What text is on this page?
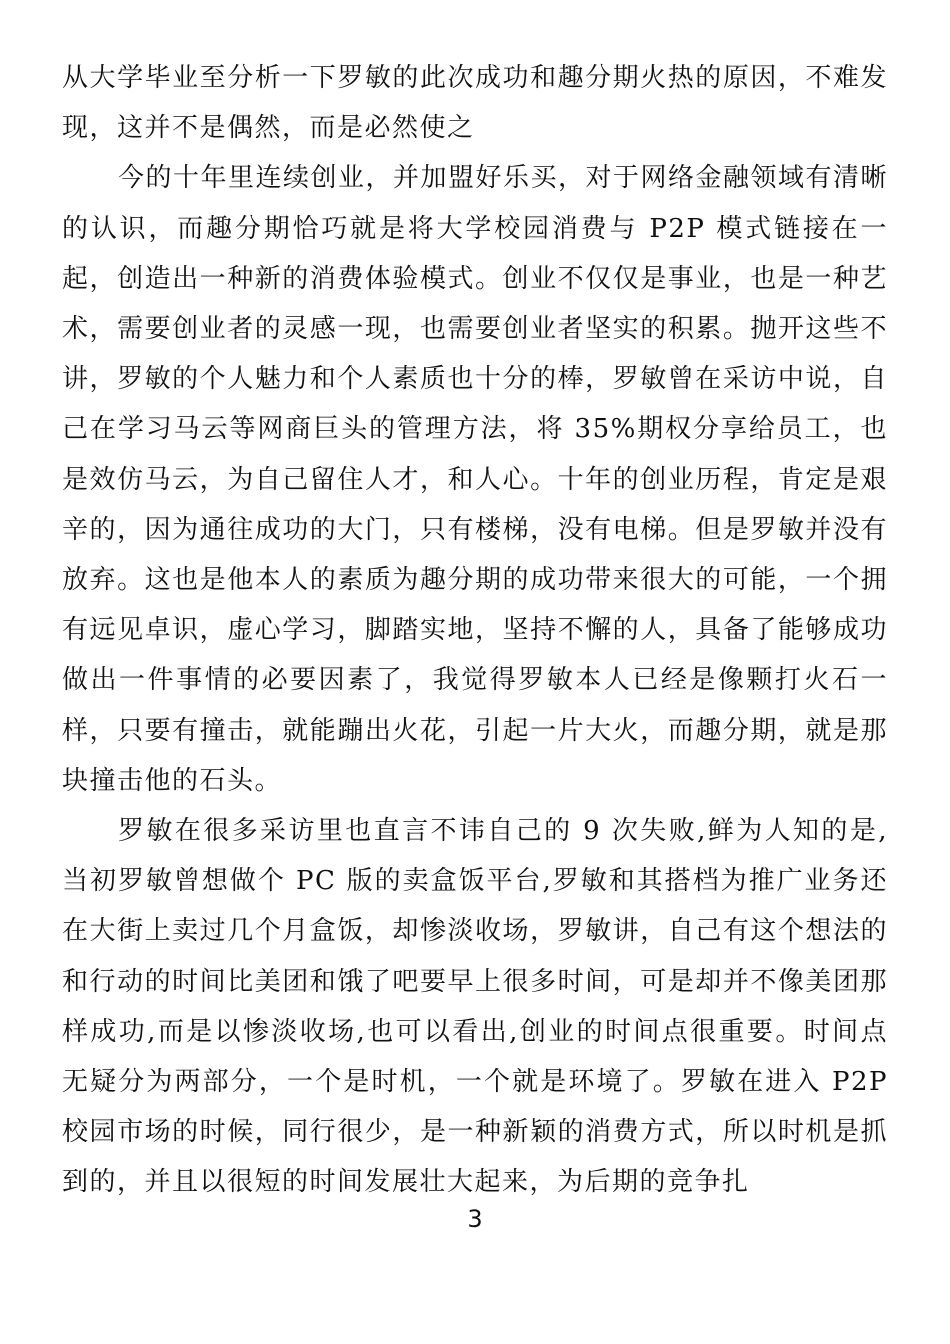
从大学毕业至分析一下罗敏的此次成功和趣分期火热的原因，不难发现，这并不是偶然，而是必然使之

今的十年里连续创业，并加盟好乐买，对于网络金融领域有清晰的认识，而趣分期恰巧就是将大学校园消费与 P2P 模式链接在一起，创造出一种新的消费体验模式。创业不仅仅是事业，也是一种艺术，需要创业者的灵感一现，也需要创业者坚实的积累。抛开这些不讲，罗敏的个人魅力和个人素质也十分的棒，罗敏曾在采访中说，自己在学习马云等网商巨头的管理方法，将 35%期权分享给员工，也是效仿马云，为自己留住人才，和人心。十年的创业历程，肯定是艰辛的，因为通往成功的大门，只有楼梯，没有电梯。但是罗敏并没有放弃。这也是他本人的素质为趣分期的成功带来很大的可能，一个拥有远见卓识，虚心学习，脚踏实地，坚持不懈的人，具备了能够成功做出一件事情的必要因素了，我觉得罗敏本人已经是像颗打火石一样，只要有撞击，就能蹦出火花，引起一片大火，而趣分期，就是那块撞击他的石头。

罗敏在很多采访里也直言不讳自己的 9 次失败,鲜为人知的是,当初罗敏曾想做个 PC 版的卖盒饭平台,罗敏和其搭档为推广业务还在大街上卖过几个月盒饭，却惨淡收场，罗敏讲，自己有这个想法的和行动的时间比美团和饿了吧要早上很多时间，可是却并不像美团那样成功,而是以惨淡收场,也可以看出,创业的时间点很重要。时间点无疑分为两部分，一个是时机，一个就是环境了。罗敏在进入 P2P 校园市场的时候，同行很少，是一种新颖的消费方式，所以时机是抓到的，并且以很短的时间发展壮大起来，为后期的竞争扎

3
